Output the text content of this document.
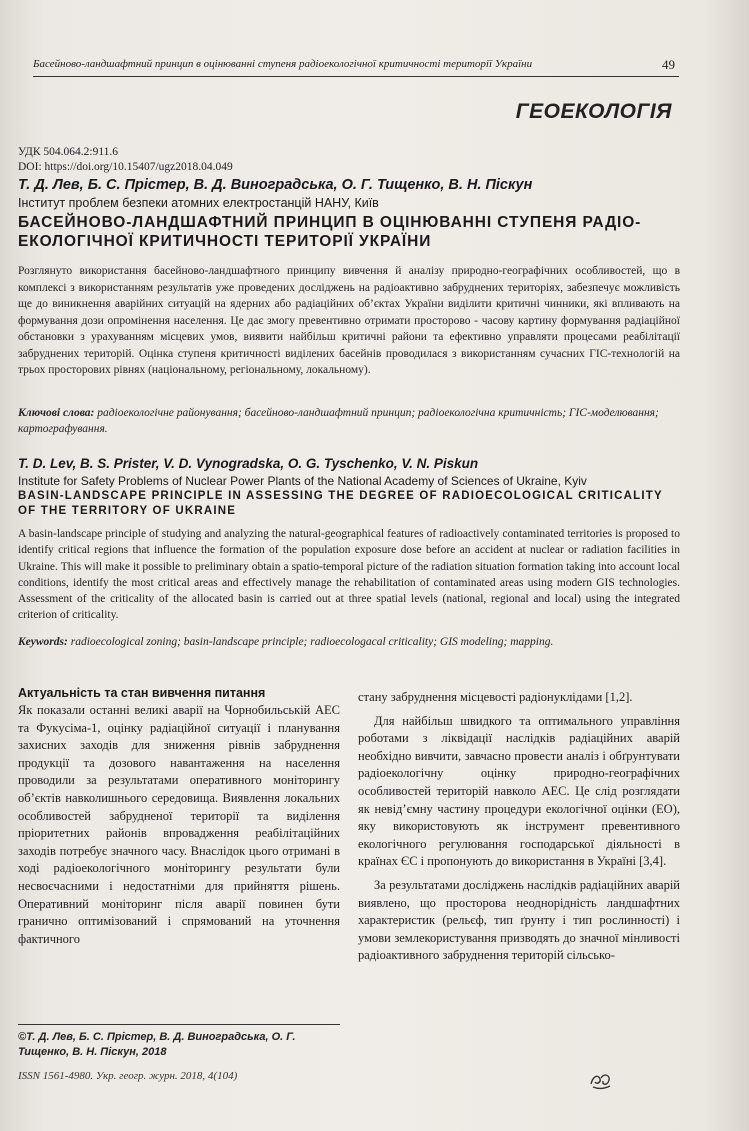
Басейново-ландшафтний принцип в оцінюванні ступеня радіоекологічної критичності території України	49
ГЕОЕКОЛОГІЯ
УДК 504.064.2:911.6
DOI: https://doi.org/10.15407/ugz2018.04.049
Т. Д. Лев, Б. С. Прістер, В. Д. Виноградська, О. Г. Тищенко, В. Н. Піскун
Інститут проблем безпеки атомних електростанцій НАНУ, Київ
БАСЕЙНОВО-ЛАНДШАФТНИЙ ПРИНЦИП В ОЦІНЮВАННІ СТУПЕНЯ РАДІО-ЕКОЛОГІЧНОЇ КРИТИЧНОСТІ ТЕРИТОРІЇ УКРАЇНИ

Розглянуто використання басейново-ландшафтного принципу вивчення й аналізу природно-географічних особливостей, що в комплексі з використанням результатів уже проведених досліджень на радіоактивно забруднених територіях, забезпечує можливість ще до виникнення аварійних ситуацій на ядерних або радіаційних об’єктах України виділити критичні чинники, які впливають на формування дози опромінення населення. Це дає змогу превентивно отримати просторово - часову картину формування радіаційної обстановки з урахуванням місцевих умов, виявити найбільш критичні райони та ефективно управляти процесами реабілітації забруднених територій. Оцінка ступеня критичності виділених басейнів проводилася з використанням сучасних ГІС-технологій на трьох просторових рівнях (національному, регіональному, локальному).

Ключові слова: радіоекологічне районування; басейново-ландшафтний принцип; радіоекологічна критичність; ГІС-моделювання; картографування.

T. D. Lev, B. S. Prister, V. D. Vynogradska, O. G. Tyschenko, V. N. Piskun
Institute for Safety Problems of Nuclear Power Plants of the National Academy of Sciences of Ukraine, Kyiv
BASIN-LANDSCAPE PRINCIPLE IN ASSESSING THE DEGREE OF RADIOECOLOGICAL CRITICALITY OF THE TERRITORY OF UKRAINE

A basin-landscape principle of studying and analyzing the natural-geographical features of radioactively contaminated territories is proposed to identify critical regions that influence the formation of the population exposure dose before an accident at nuclear or radiation facilities in Ukraine. This will make it possible to preliminary obtain a spatio-temporal picture of the radiation situation formation taking into account local conditions, identify the most critical areas and effectively manage the rehabilitation of contaminated areas using modern GIS technologies. Assessment of the criticality of the allocated basin is carried out at three spatial levels (national, regional and local) using the integrated criterion of criticality.

Keywords: radioecological zoning; basin-landscape principle; radioecologacal criticality; GIS modeling; mapping.

Актуальність та стан вивчення питання

Як показали останні великі аварії на Чорнобильській АЕС та Фукусіма-1, оцінку радіаційної ситуації і планування захисних заходів для зниження рівнів забруднення продукції та дозового навантаження на населення проводили за результатами оперативного моніторингу об’єктів навколишнього середовища. Виявлення локальних особливостей забрудненої території та виділення пріоритетних районів впровадження реабілітаційних заходів потребує значного часу. Внаслідок цього отримані в ході радіоекологічного моніторингу результати були несвоєчасними і недостатніми для прийняття рішень. Оперативний моніторинг після аварії повинен бути гранично оптимізований і спрямований на уточнення фактичного

стану забруднення місцевості радіонуклідами [1,2].

Для найбільш швидкого та оптимального управління роботами з ліквідації наслідків радіаційних аварій необхідно вивчити, завчасно провести аналіз і обґрунтувати радіоекологічну оцінку природно-географічних особливостей територій навколо АЕС. Це слід розглядати як невід’ємну частину процедури екологічної оцінки (ЕО), яку використовують як інструмент превентивного екологічного регулювання господарської діяльності в країнах ЄС і пропонують до використання в Україні [3,4].

За результатами досліджень наслідків радіаційних аварій виявлено, що просторова неоднорідність ландшафтних характеристик (рельєф, тип ґрунту і тип рослинності) і умови землекористування призводять до значної мінливості радіоактивного забруднення територій сільсько-

©Т. Д. Лев, Б. С. Прістер, В. Д. Виноградська, О. Г. Тищенко, В. Н. Піскун, 2018
ISSN 1561-4980. Укр. геогр. журн. 2018, 4(104)
